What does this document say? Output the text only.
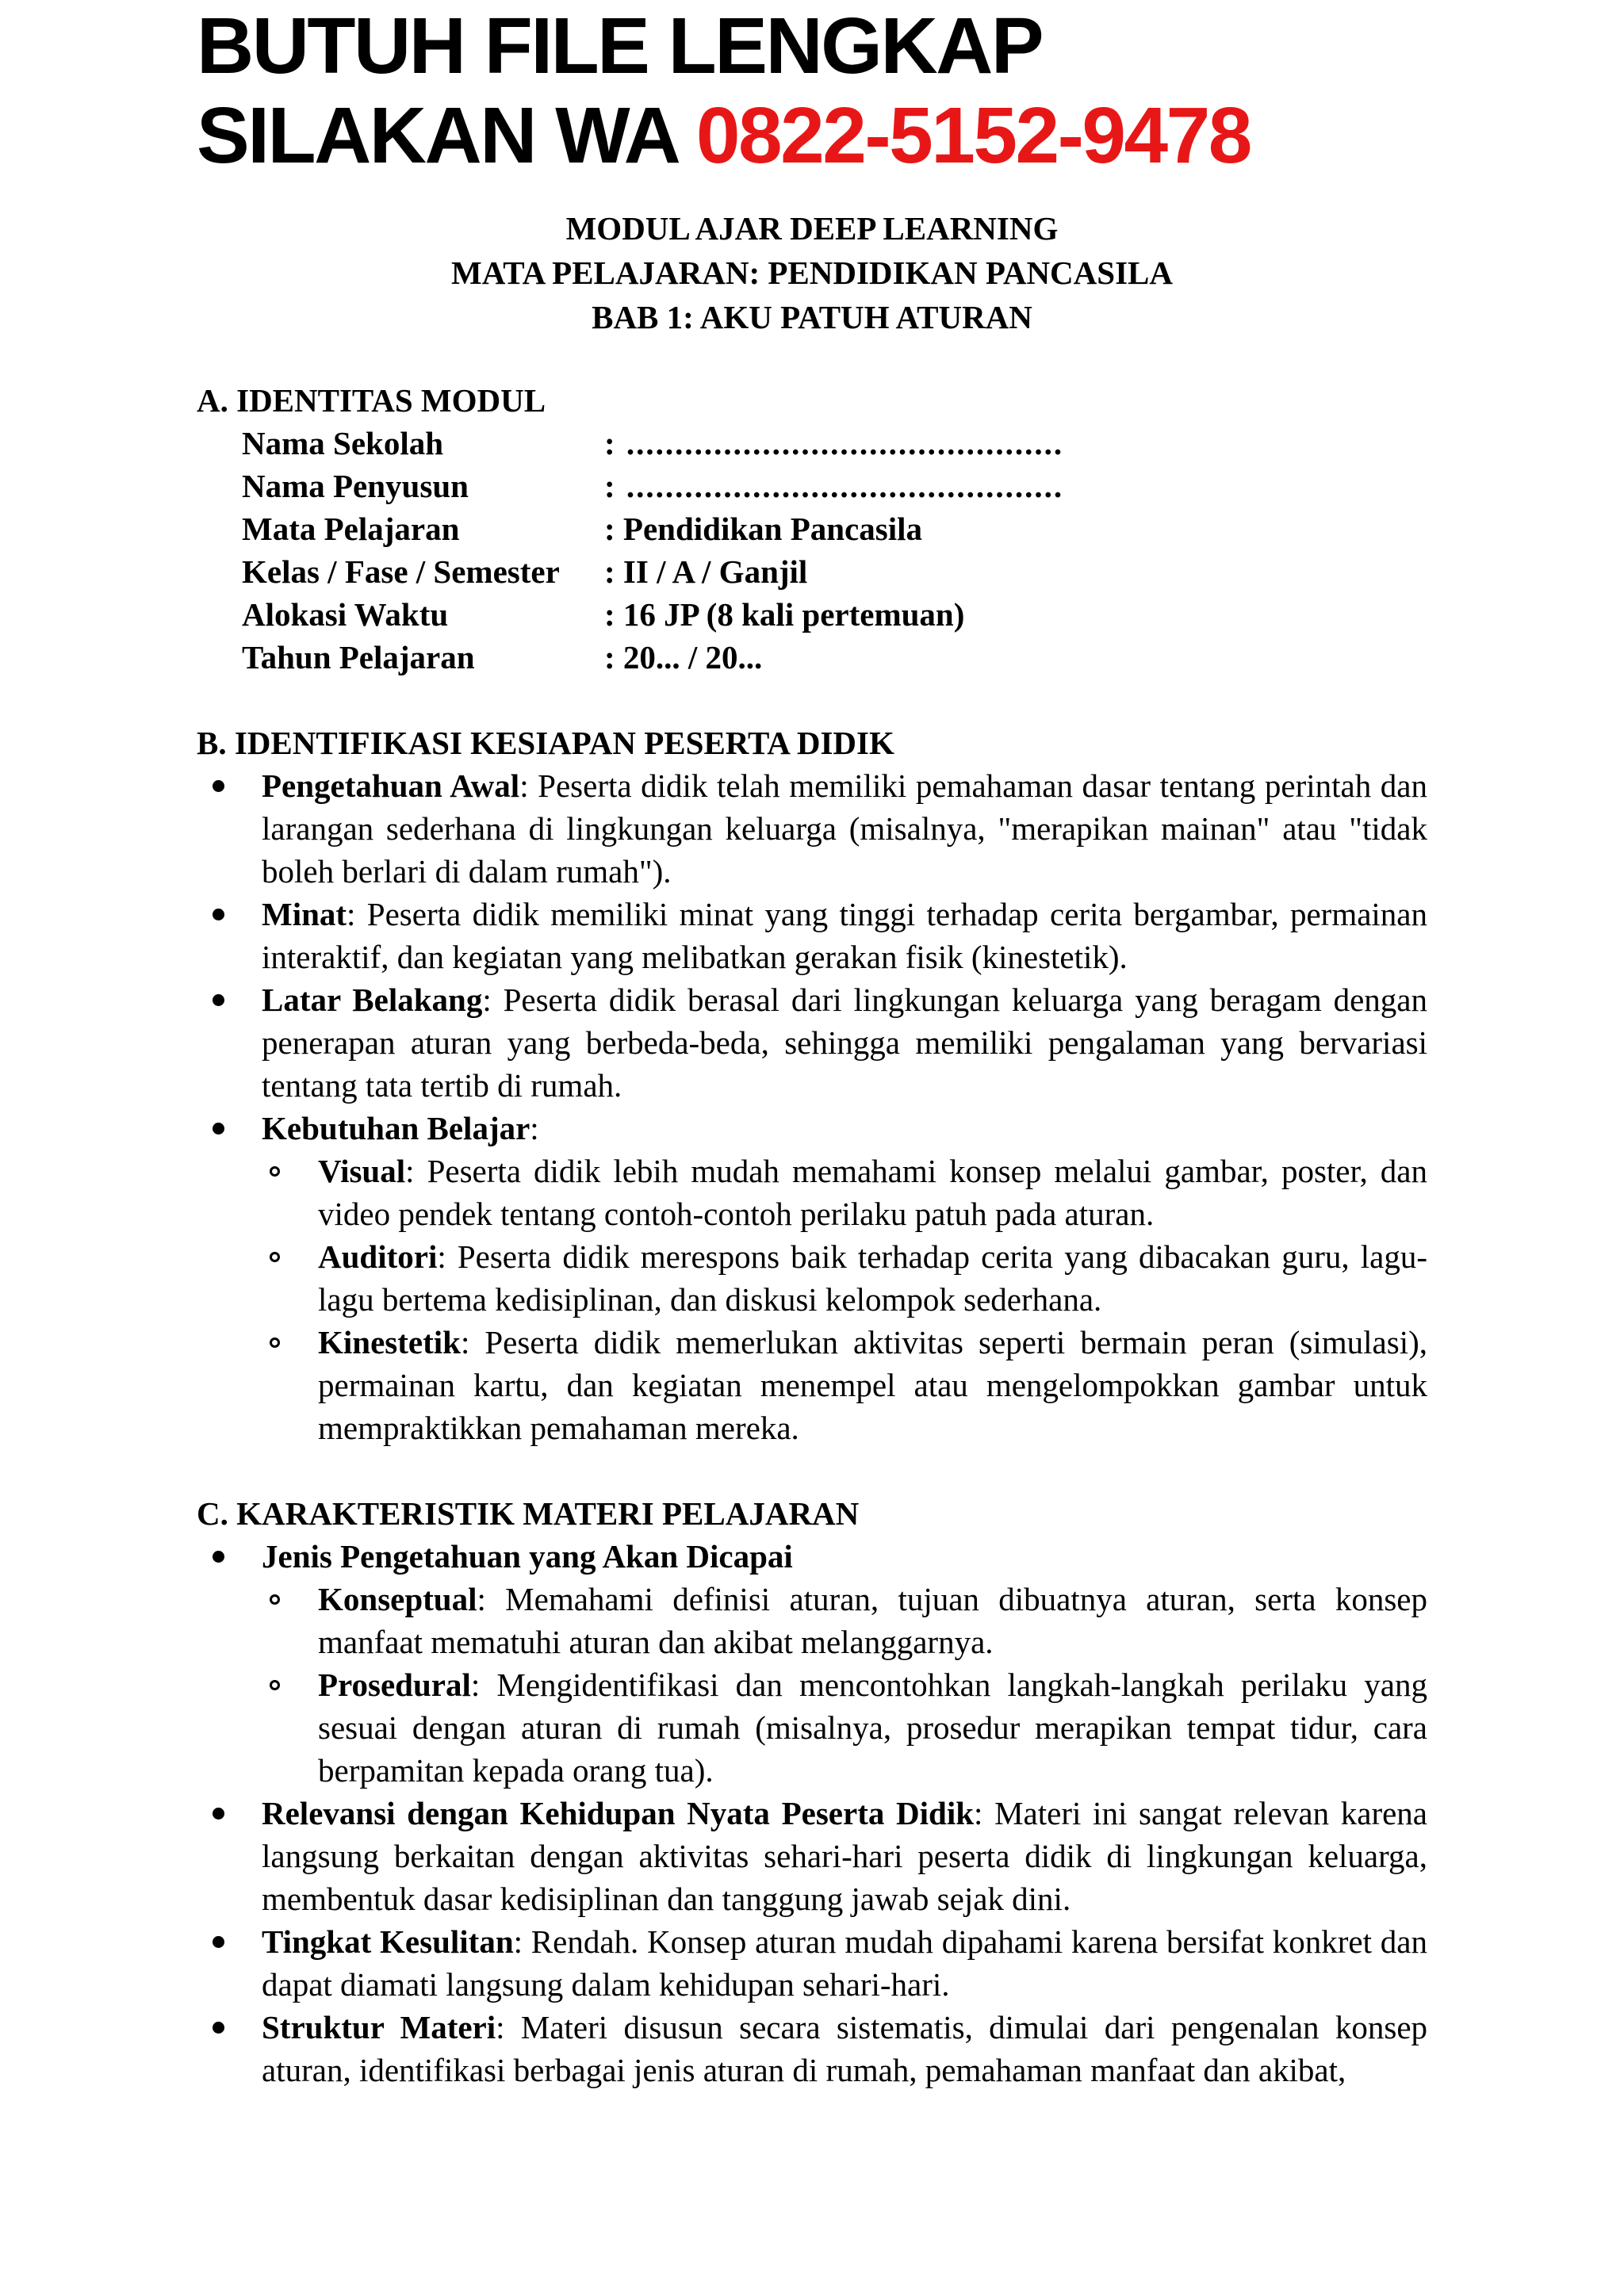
BUTUH FILE LENGKAP
SILAKAN WA 0822-5152-9478
MODUL AJAR DEEP LEARNING
MATA PELAJARAN: PENDIDIKAN PANCASILA
BAB 1: AKU PATUH ATURAN
A. IDENTITAS MODUL
Nama Sekolah	: .............................................
Nama Penyusun	: .............................................
Mata Pelajaran	: Pendidikan Pancasila
Kelas / Fase / Semester : II / A / Ganjil
Alokasi Waktu	: 16 JP (8 kali pertemuan)
Tahun Pelajaran	: 20... / 20...
B. IDENTIFIKASI KESIAPAN PESERTA DIDIK
Pengetahuan Awal: Peserta didik telah memiliki pemahaman dasar tentang perintah dan larangan sederhana di lingkungan keluarga (misalnya, "merapikan mainan" atau "tidak boleh berlari di dalam rumah").
Minat: Peserta didik memiliki minat yang tinggi terhadap cerita bergambar, permainan interaktif, dan kegiatan yang melibatkan gerakan fisik (kinestetik).
Latar Belakang: Peserta didik berasal dari lingkungan keluarga yang beragam dengan penerapan aturan yang berbeda-beda, sehingga memiliki pengalaman yang bervariasi tentang tata tertib di rumah.
Kebutuhan Belajar:
Visual: Peserta didik lebih mudah memahami konsep melalui gambar, poster, dan video pendek tentang contoh-contoh perilaku patuh pada aturan.
Auditori: Peserta didik merespons baik terhadap cerita yang dibacakan guru, lagu-lagu bertema kedisiplinan, dan diskusi kelompok sederhana.
Kinestetik: Peserta didik memerlukan aktivitas seperti bermain peran (simulasi), permainan kartu, dan kegiatan menempel atau mengelompokkan gambar untuk mempraktikkan pemahaman mereka.
C. KARAKTERISTIK MATERI PELAJARAN
Jenis Pengetahuan yang Akan Dicapai
Konseptual: Memahami definisi aturan, tujuan dibuatnya aturan, serta konsep manfaat mematuhi aturan dan akibat melanggarnya.
Prosedural: Mengidentifikasi dan mencontohkan langkah-langkah perilaku yang sesuai dengan aturan di rumah (misalnya, prosedur merapikan tempat tidur, cara berpamitan kepada orang tua).
Relevansi dengan Kehidupan Nyata Peserta Didik: Materi ini sangat relevan karena langsung berkaitan dengan aktivitas sehari-hari peserta didik di lingkungan keluarga, membentuk dasar kedisiplinan dan tanggung jawab sejak dini.
Tingkat Kesulitan: Rendah. Konsep aturan mudah dipahami karena bersifat konkret dan dapat diamati langsung dalam kehidupan sehari-hari.
Struktur Materi: Materi disusun secara sistematis, dimulai dari pengenalan konsep aturan, identifikasi berbagai jenis aturan di rumah, pemahaman manfaat dan akibat,
